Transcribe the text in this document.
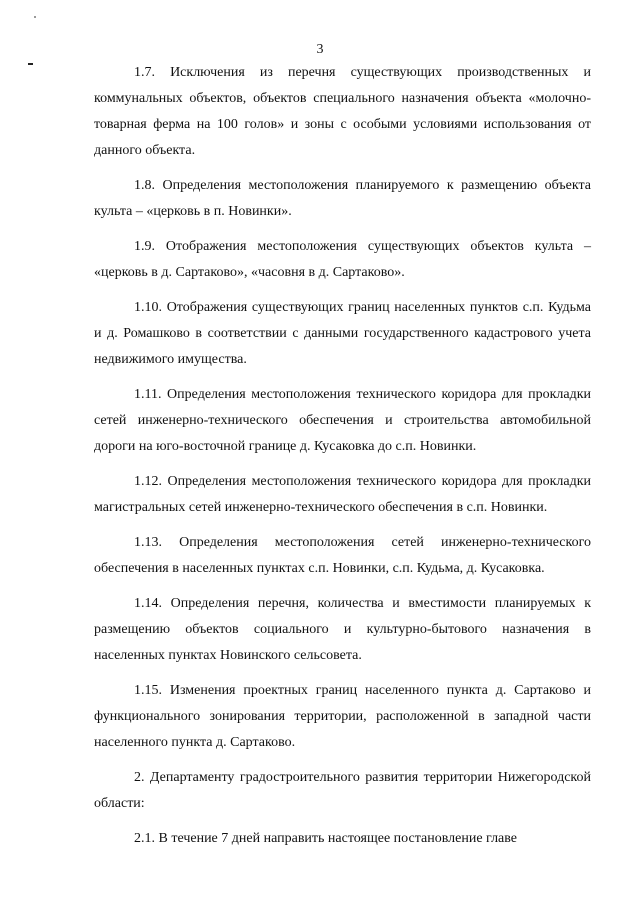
3

1.7. Исключения из перечня существующих производственных и коммунальных объектов, объектов специального назначения объекта «молочно-товарная ферма на 100 голов» и зоны с особыми условиями использования от данного объекта.

1.8. Определения местоположения планируемого к размещению объекта культа – «церковь в п. Новинки».

1.9. Отображения местоположения существующих объектов культа – «церковь в д. Сартаково», «часовня в д. Сартаково».

1.10. Отображения существующих границ населенных пунктов с.п. Кудьма и д. Ромашково в соответствии с данными государственного кадастрового учета недвижимого имущества.

1.11. Определения местоположения технического коридора для прокладки сетей инженерно-технического обеспечения и строительства автомобильной дороги на юго-восточной границе д. Кусаковка до с.п. Новинки.

1.12. Определения местоположения технического коридора для прокладки магистральных сетей инженерно-технического обеспечения в с.п. Новинки.

1.13. Определения местоположения сетей инженерно-технического обеспечения в населенных пунктах с.п. Новинки, с.п. Кудьма, д. Кусаковка.

1.14. Определения перечня, количества и вместимости планируемых к размещению объектов социального и культурно-бытового назначения в населенных пунктах Новинского сельсовета.

1.15. Изменения проектных границ населенного пункта д. Сартаково и функционального зонирования территории, расположенной в западной части населенного пункта д. Сартаково.

2. Департаменту градостроительного развития территории Нижегородской области:

2.1. В течение 7 дней направить настоящее постановление главе
